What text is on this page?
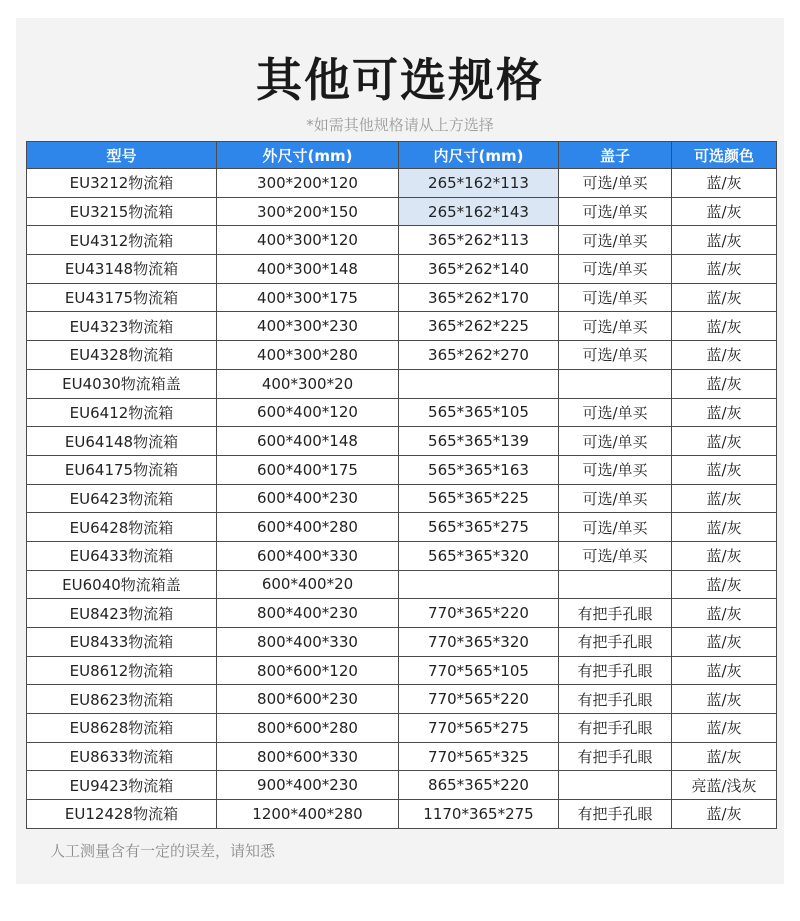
其他可选规格
*如需其他规格请从上方选择
型号	外尺寸(mm)	内尺寸(mm)	盖子	可选颜色
EU3212物流箱	300*200*120	265*162*113	可选/单买	蓝/灰
EU3215物流箱	300*200*150	265*162*143	可选/单买	蓝/灰
EU4312物流箱	400*300*120	365*262*113	可选/单买	蓝/灰
EU43148物流箱	400*300*148	365*262*140	可选/单买	蓝/灰
EU43175物流箱	400*300*175	365*262*170	可选/单买	蓝/灰
EU4323物流箱	400*300*230	365*262*225	可选/单买	蓝/灰
EU4328物流箱	400*300*280	365*262*270	可选/单买	蓝/灰
EU4030物流箱盖	400*300*20			蓝/灰
EU6412物流箱	600*400*120	565*365*105	可选/单买	蓝/灰
EU64148物流箱	600*400*148	565*365*139	可选/单买	蓝/灰
EU64175物流箱	600*400*175	565*365*163	可选/单买	蓝/灰
EU6423物流箱	600*400*230	565*365*225	可选/单买	蓝/灰
EU6428物流箱	600*400*280	565*365*275	可选/单买	蓝/灰
EU6433物流箱	600*400*330	565*365*320	可选/单买	蓝/灰
EU6040物流箱盖	600*400*20			蓝/灰
EU8423物流箱	800*400*230	770*365*220	有把手孔眼	蓝/灰
EU8433物流箱	800*400*330	770*365*320	有把手孔眼	蓝/灰
EU8612物流箱	800*600*120	770*565*105	有把手孔眼	蓝/灰
EU8623物流箱	800*600*230	770*565*220	有把手孔眼	蓝/灰
EU8628物流箱	800*600*280	770*565*275	有把手孔眼	蓝/灰
EU8633物流箱	800*600*330	770*565*325	有把手孔眼	蓝/灰
EU9423物流箱	900*400*230	865*365*220		亮蓝/浅灰
EU12428物流箱	1200*400*280	1170*365*275	有把手孔眼	蓝/灰
人工测量含有一定的误差，请知悉
